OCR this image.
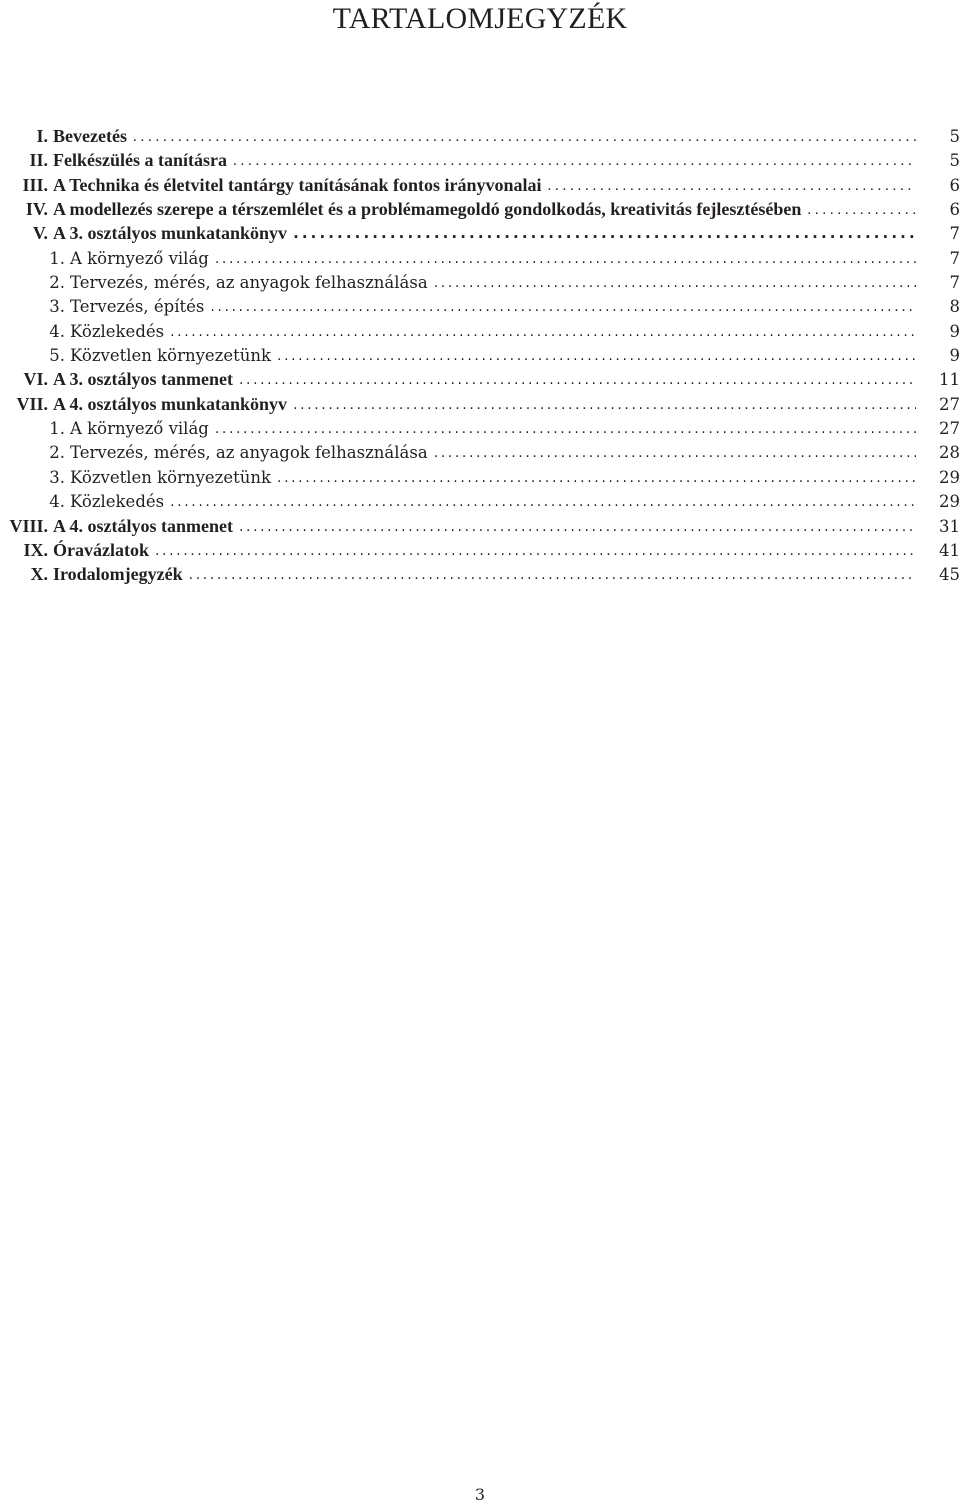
TARTALOMJEGYZÉK
I. Bevezetés . . .	5
II. Felkészülés a tanításra . . .	5
III. A Technika és életvitel tantárgy tanításának fontos irányvonalai . . .	6
IV. A modellezés szerepe a térszemlélet és a problémamegoldó gondolkodás, kreativitás fejlesztésében . . .	6
V. A 3. osztályos munkatankönyv .....	7
1. A környező világ .....	7
2. Tervezés, mérés, az anyagok felhasználása .....	7
3. Tervezés, építés .....	8
4. Közlekedés .....	9
5. Közvetlen környezetünk .....	9
VI. A 3. osztályos tanmenet .....	11
VII. A 4. osztályos munkatankönyv .....	27
1. A környező világ .....	27
2. Tervezés, mérés, az anyagok felhasználása .....	28
3. Közvetlen környezetünk .....	29
4. Közlekedés .....	29
VIII. A 4. osztályos tanmenet .....	31
IX. Óravázlatok .....	41
X. Irodalomjegyzék .....	45
3
